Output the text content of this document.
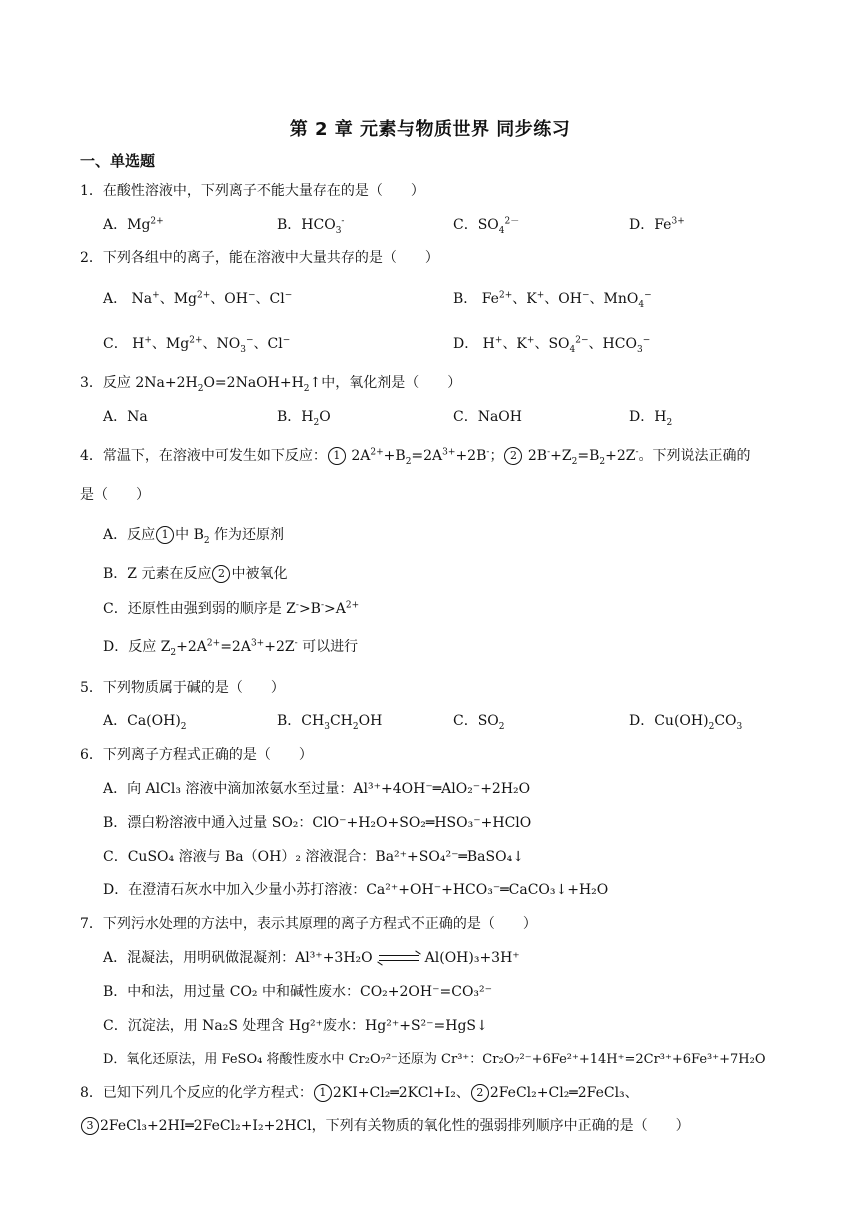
第 2 章 元素与物质世界 同步练习
一、单选题
1．在酸性溶液中，下列离子不能大量存在的是（　　）
A．$Mg^{2+}$	B．$HCO_3^-$	C．$SO_4^{2-}$	D．$Fe^{3+}$
2．下列各组中的离子，能在溶液中大量共存的是（　　）
A． Na+、$Mg^{2+}$、OH−、Cl−	B． $Fe^{2+}$、K+、OH−、MnO$_4$−
C． H+、$Mg^{2+}$、$NO_3^-$、Cl−	D． H+、K+、$SO_4^{2-}$、$HCO_3^-$
3．反应 $2Na+2H_2O=2NaOH+H_2↑$中，氧化剂是（　　）
A．Na	B．$H_2O$	C．NaOH	D．$H_2$
4．常温下，在溶液中可发生如下反应： 1 $2A^{2+}+B_2=2A^{3+}+2B^-$； 2 $2B^-+Z_2=B_2+2Z^-$。下列说法正确的
是（　　）
A．反应 1 中 $B_2$ 作为还原剂
B．Z 元素在反应 2 中被氧化
C．还原性由强到弱的顺序是 $Z^->B^->A^{2+}$
D．反应 $Z_2+2A^{2+}=2A^{3+}+2Z^-$ 可以进行
5．下列物质属于碱的是（　　）
A．$Ca(OH)_2$	B．$CH_3CH_2OH$	C．$SO_2$	D．$Cu(OH)_2CO_3$
6．下列离子方程式正确的是（　　）
A．向 AlCl₃ 溶液中滴加浓氨水至过量：Al³⁺+4OH⁻═AlO₂⁻+2H₂O
B．漂白粉溶液中通入过量 SO₂：ClO⁻+H₂O+SO₂═HSO₃⁻+HClO
C．CuSO₄ 溶液与 Ba（OH）₂ 溶液混合：Ba²⁺+SO₄²⁻═BaSO₄↓
D．在澄清石灰水中加入少量小苏打溶液：Ca²⁺+OH⁻+HCO₃⁻═CaCO₃↓+H₂O
7．下列污水处理的方法中，表示其原理的离子方程式不正确的是（　　）
A．混凝法，用明矾做混凝剂：Al³⁺+3H₂O	Al(OH)₃+3H⁺
B．中和法，用过量 CO₂ 中和碱性废水：CO₂+2OH⁻=CO₃²⁻
C．沉淀法，用 Na₂S 处理含 Hg²⁺废水：Hg²⁺+S²⁻=HgS↓
D．氧化还原法，用 FeSO₄ 将酸性废水中 Cr₂O₇²⁻还原为 Cr³⁺：Cr₂O₇²⁻+6Fe²⁺+14H⁺=2Cr³⁺+6Fe³⁺+7H₂O
8．已知下列几个反应的化学方程式： 1 2KI+Cl₂═2KCl+I₂、 2 2FeCl₂+Cl₂═2FeCl₃、
3 2FeCl₃+2HI═2FeCl₂+I₂+2HCl，下列有关物质的氧化性的强弱排列顺序中正确的是（　　）
